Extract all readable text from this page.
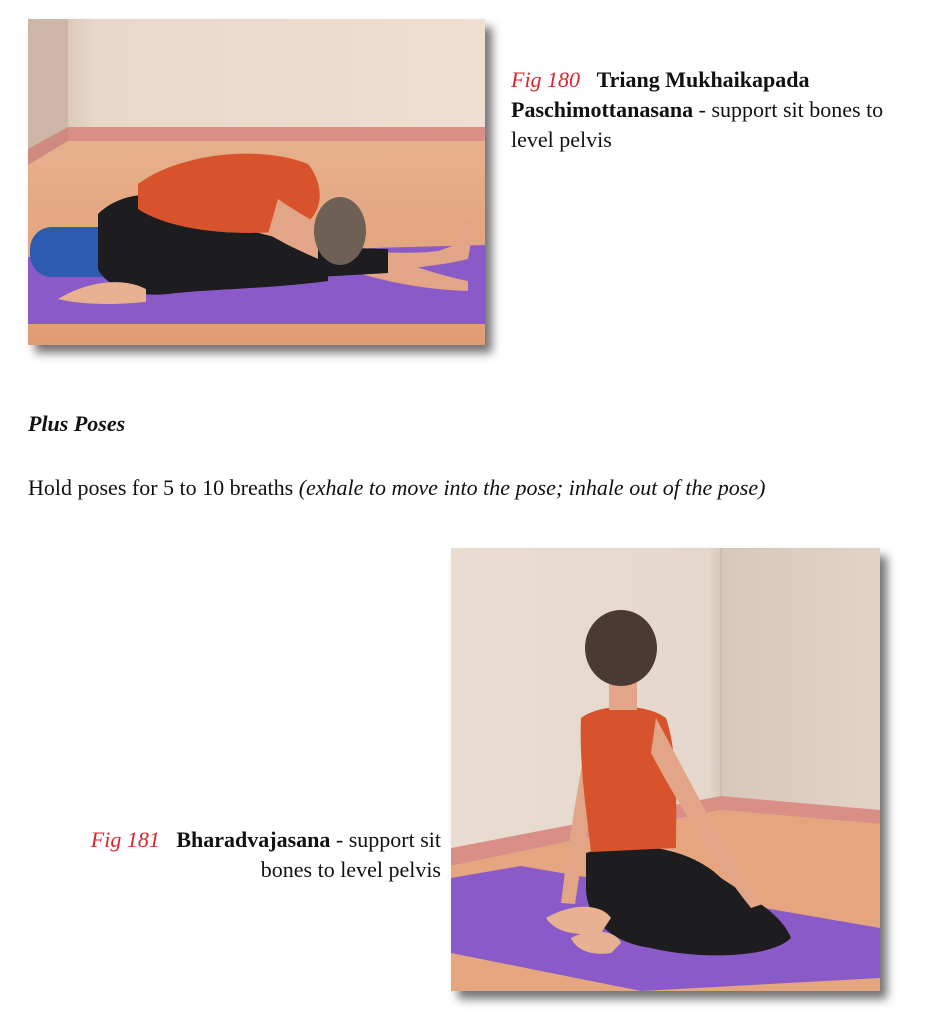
Fig 180 Triang Mukhaikapada Paschimottanasana - support sit bones to level pelvis
Plus Poses
Hold poses for 5 to 10 breaths (exhale to move into the pose; inhale out of the pose)
Fig 181 Bharadvajasana - support sit
bones to level pelvis
